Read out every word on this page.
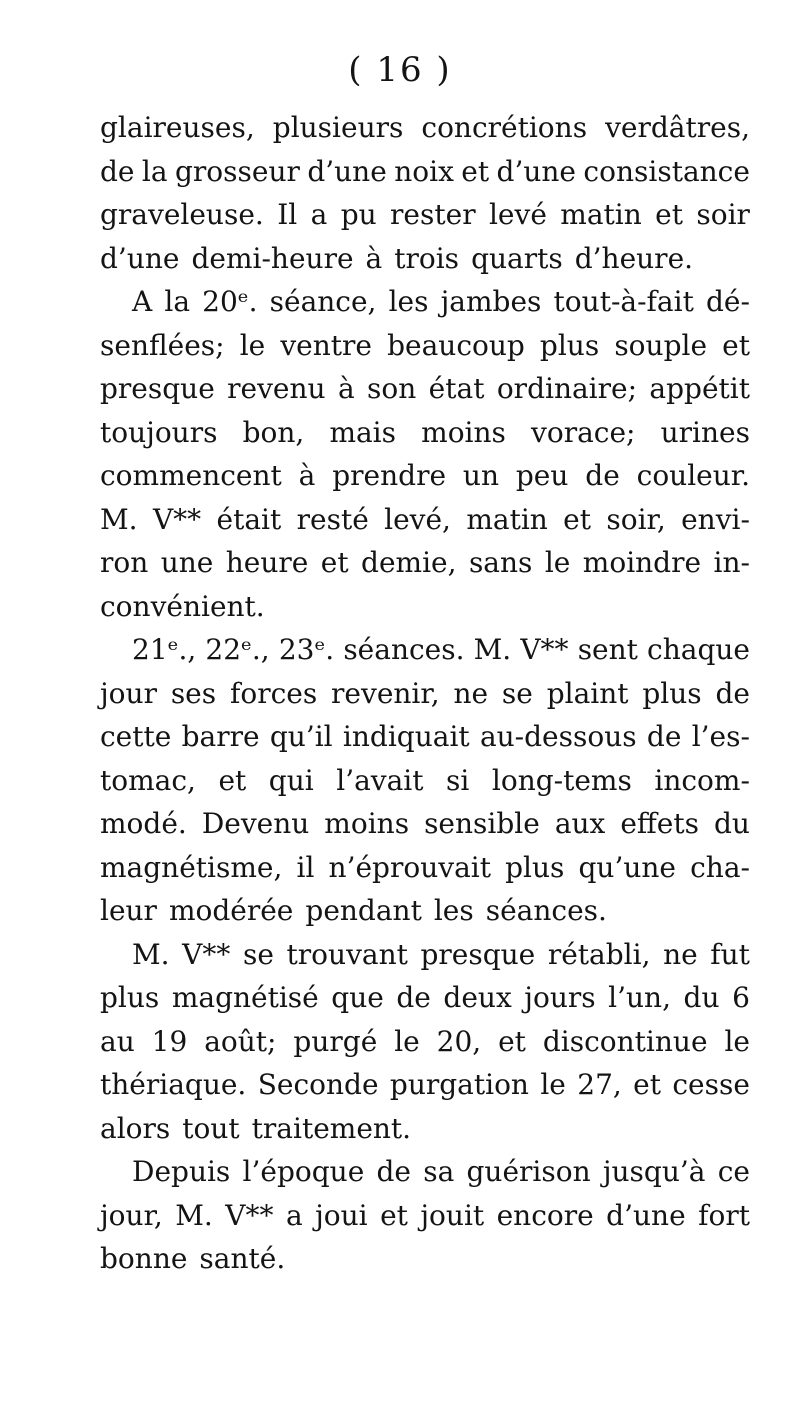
( 16 )
glaireuses, plusieurs concrétions verdâtres,
de la grosseur d’une noix et d’une consistance
graveleuse. Il a pu rester levé matin et soir
d’une demi-heure à trois quarts d’heure.
A la 20ᵉ. séance, les jambes tout-à-fait dé-
senflées; le ventre beaucoup plus souple et
presque revenu à son état ordinaire; appétit
toujours bon, mais moins vorace; urines
commencent à prendre un peu de couleur.
M. V** était resté levé, matin et soir, envi-
ron une heure et demie, sans le moindre in-
convénient.
21ᵉ., 22ᵉ., 23ᵉ. séances. M. V** sent chaque
jour ses forces revenir, ne se plaint plus de
cette barre qu’il indiquait au-dessous de l’es-
tomac, et qui l’avait si long-tems incom-
modé. Devenu moins sensible aux effets du
magnétisme, il n’éprouvait plus qu’une cha-
leur modérée pendant les séances.
M. V** se trouvant presque rétabli, ne fut
plus magnétisé que de deux jours l’un, du 6
au 19 août; purgé le 20, et discontinue le
thériaque. Seconde purgation le 27, et cesse
alors tout traitement.
Depuis l’époque de sa guérison jusqu’à ce
jour, M. V** a joui et jouit encore d’une fort
bonne santé.
